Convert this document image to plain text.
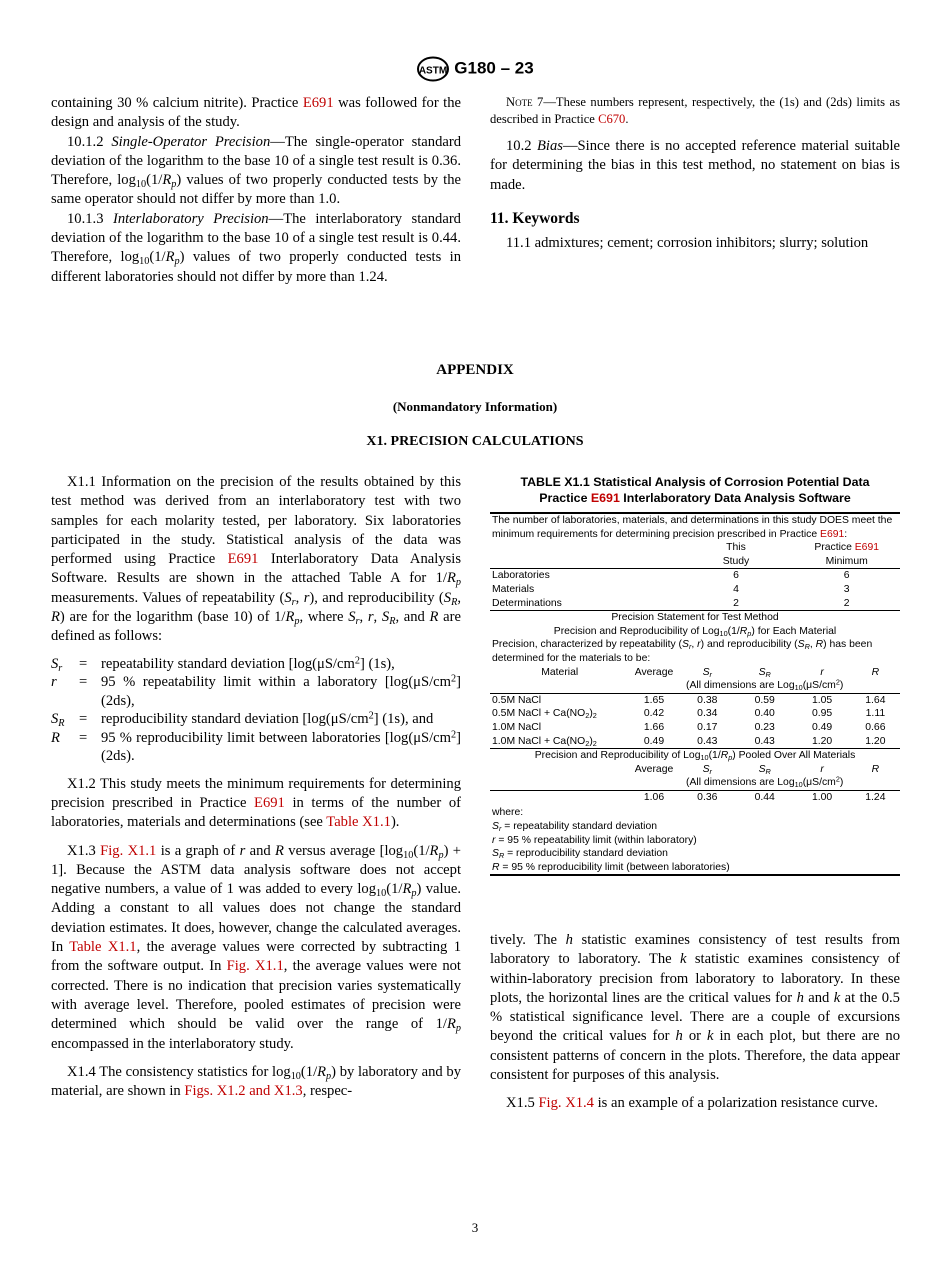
ASTM G180 – 23

containing 30 % calcium nitrite). Practice E691 was followed for the design and analysis of the study.

10.1.2 Single-Operator Precision—The single-operator standard deviation of the logarithm to the base 10 of a single test result is 0.36. Therefore, $\log_{10}(1/R_p)$ values of two properly conducted tests by the same operator should not differ by more than 1.0.

10.1.3 Interlaboratory Precision—The interlaboratory standard deviation of the logarithm to the base 10 of a single test result is 0.44. Therefore, $\log_{10}(1/R_p)$ values of two properly conducted tests in different laboratories should not differ by more than 1.24.

Note 7—These numbers represent, respectively, the (1s) and (2ds) limits as described in Practice C670.

10.2 Bias—Since there is no accepted reference material suitable for determining the bias in this test method, no statement on bias is made.

11. Keywords

11.1 admixtures; cement; corrosion inhibitors; slurry; solution

APPENDIX
(Nonmandatory Information)
X1. PRECISION CALCULATIONS

X1.1 Information on the precision of the results obtained by this test method was derived from an interlaboratory test with two samples for each molarity tested, per laboratory. Six laboratories participated in the study. Statistical analysis of the data was performed using Practice E691 Interlaboratory Data Analysis Software. Results are shown in the attached Table A for $1/R_p$ measurements. Values of repeatability ($S_r$, r), and reproducibility ($S_R$, R) are for the logarithm (base 10) of $1/R_p$, where $S_r$, r, $S_R$, and R are defined as follows:

$S_r$	=	repeatability standard deviation [$\log(\mu S/cm^2]$ (1s),
r	=	95 % repeatability limit within a laboratory [$\log(\mu S/cm^2]$ (2ds),
$S_R$	=	reproducibility standard deviation [$\log(\mu S/cm^2]$ (1s), and
R	=	95 % reproducibility limit between laboratories [$\log(\mu S/cm^2]$ (2ds).

X1.2 This study meets the minimum requirements for determining precision prescribed in Practice E691 in terms of the number of laboratories, materials and determinations (see Table X1.1).

X1.3 Fig. X1.1 is a graph of r and R versus average $[\log_{10}(1/R_p) + 1]$. Because the ASTM data analysis software does not accept negative numbers, a value of 1 was added to every $\log_{10}(1/R_p)$ value. Adding a constant to all values does not change the standard deviation estimates. It does, however, change the calculated averages. In Table X1.1, the average values were corrected by subtracting 1 from the software output. In Fig. X1.1, the average values were not corrected. There is no indication that precision varies systematically with average level. Therefore, pooled estimates of precision were determined which should be valid over the range of $1/R_p$ encompassed in the interlaboratory study.

X1.4 The consistency statistics for $\log_{10}(1/R_p)$ by laboratory and by material, are shown in Figs. X1.2 and X1.3, respec-

TABLE X1.1 Statistical Analysis of Corrosion Potential Data
Practice E691 Interlaboratory Data Analysis Software
The number of laboratories, materials, and determinations in this study DOES meet the minimum requirements for determining precision prescribed in Practice E691:					
		This		Practice E691	
		Study		Minimum	
Laboratories		6		6	
Materials		4		3	
Determinations		2		2	
Precision Statement for Test Method					
Precision and Reproducibility of $Log_{10}(1/R_p)$ for Each Material					
Precision, characterized by repeatability ($S_r$, r) and reproducibility ($S_R$, R) has been determined for the materials to be:					
Material	Average	$S_r$	$S_R$	r	R
	(All dimensions are $Log_{10}(\mu S/cm^2)$				
0.5M NaCl	1.65	0.38	0.59	1.05	1.64
0.5M NaCl + $Ca(NO_2)_2$	0.42	0.34	0.40	0.95	1.11
1.0M NaCl	1.66	0.17	0.23	0.49	0.66
1.0M NaCl + $Ca(NO_2)_2$	0.49	0.43	0.43	1.20	1.20
Precision and Reproducibility of $Log_{10}(1/R_p)$ Pooled Over All Materials					
	Average	$S_r$	$S_R$	r	R
	(All dimensions are $Log_{10}(\mu S/cm^2)$				
	1.06	0.36	0.44	1.00	1.24
where:					
$S_r$ = repeatability standard deviation					
r = 95 % repeatability limit (within laboratory)					
$S_R$ = reproducibility standard deviation					
R = 95 % reproducibility limit (between laboratories)					

tively. The h statistic examines consistency of test results from laboratory to laboratory. The k statistic examines consistency of within-laboratory precision from laboratory to laboratory. In these plots, the horizontal lines are the critical values for h and k at the 0.5 % statistical significance level. There are a couple of excursions beyond the critical values for h or k in each plot, but there are no consistent patterns of concern in the plots. Therefore, the data appear consistent for purposes of this analysis.

X1.5 Fig. X1.4 is an example of a polarization resistance curve.

3
